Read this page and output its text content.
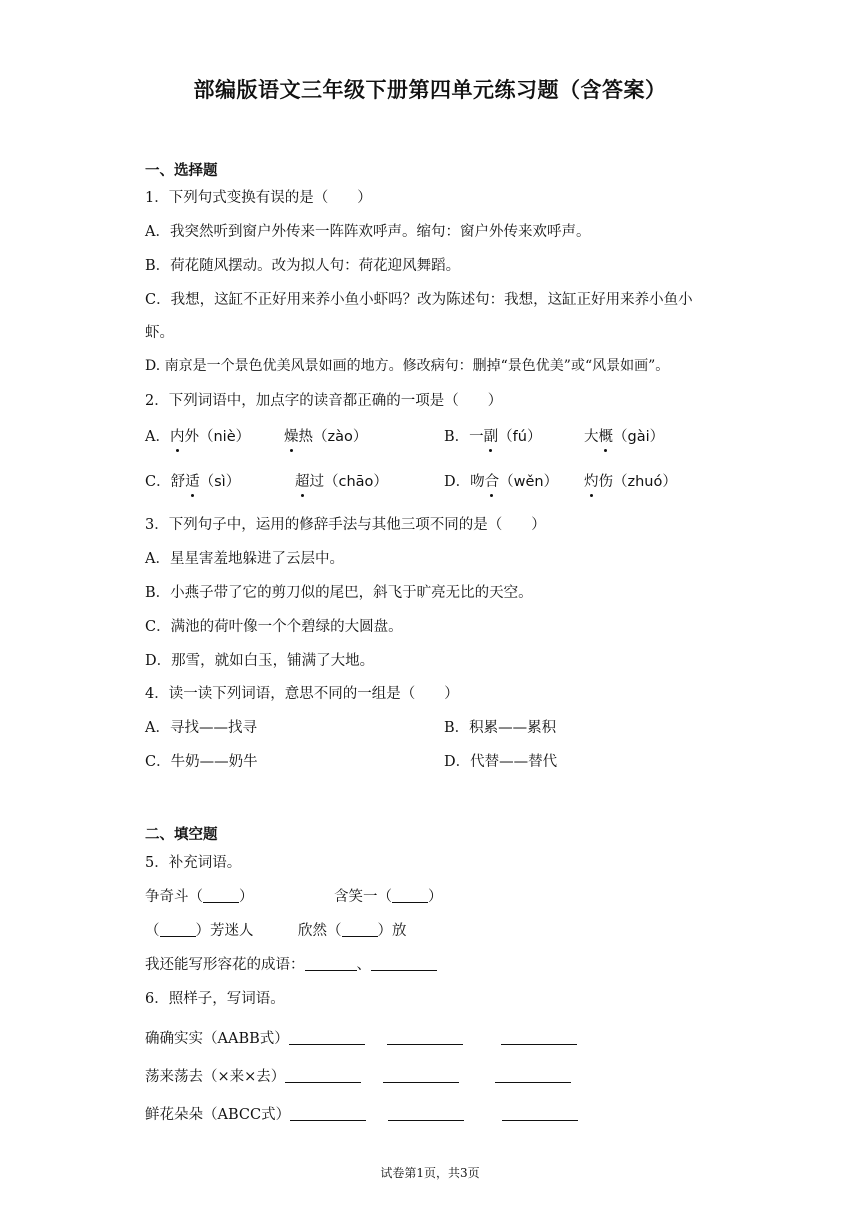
部编版语文三年级下册第四单元练习题（含答案）
一、选择题
1．下列句式变换有误的是（　　）
A．我突然听到窗户外传来一阵阵欢呼声。缩句：窗户外传来欢呼声。
B．荷花随风摆动。改为拟人句：荷花迎风舞蹈。
C．我想，这缸不正好用来养小鱼小虾吗？改为陈述句：我想，这缸正好用来养小鱼小
虾。
D. 南京是一个景色优美风景如画的地方。修改病句：删掉“景色优美”或“风景如画”。
2．下列词语中，加点字的读音都正确的一项是（　　）
A．内外（niè） 燥热（zào）	B．一副（fú）	大概（gài）
C．舒适（sì）	超过（chāo）	D．吻合（wěn） 灼伤（zhuó）
3．下列句子中，运用的修辞手法与其他三项不同的是（　　）
A．星星害羞地躲进了云层中。
B．小燕子带了它的剪刀似的尾巴，斜飞于旷亮无比的天空。
C．满池的荷叶像一个个碧绿的大圆盘。
D．那雪，就如白玉，铺满了大地。
4．读一读下列词语，意思不同的一组是（　　）
A．寻找——找寻	B．积累——累积
C．牛奶——奶牛	D．代替——替代
二、填空题
5．补充词语。
争奇斗（ ）	含笑一（ ）
（ ）芳迷人	欣然（ ）放
我还能写形容花的成语：	、
6．照样子，写词语。
确确实实（AABB式）
荡来荡去（×来×去）
鲜花朵朵（ABCC式）
试卷第1页，共3页
